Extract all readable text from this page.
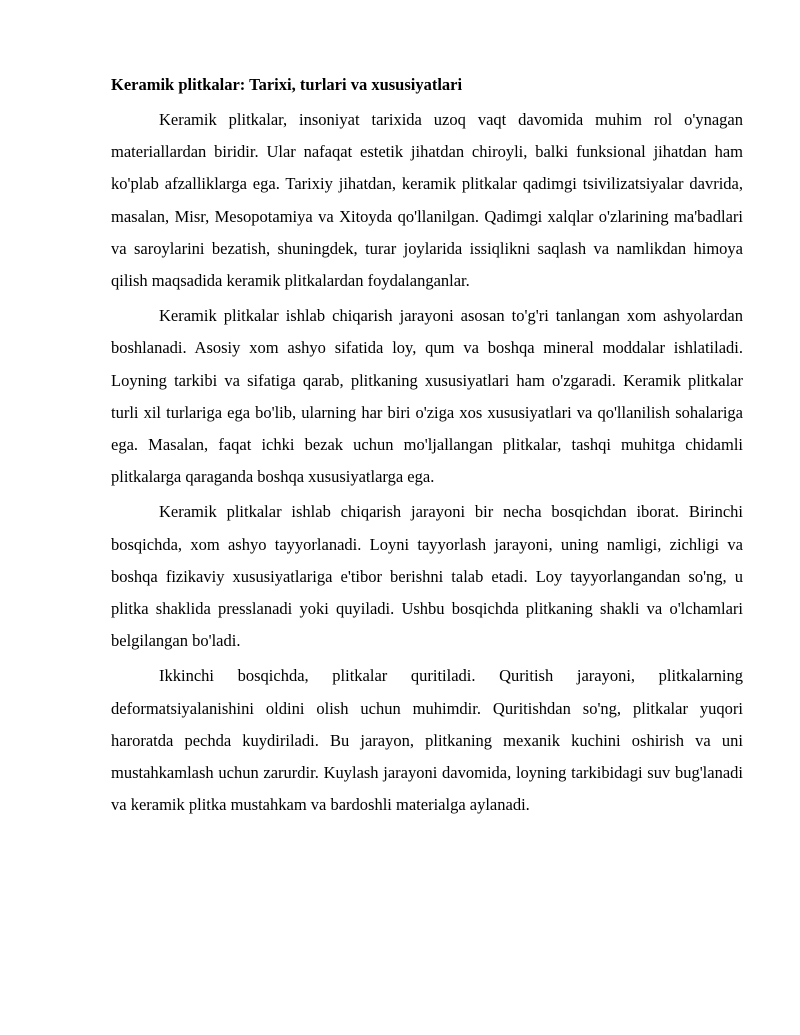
Keramik plitkalar: Tarixi, turlari va xususiyatlari

Keramik plitkalar, insoniyat tarixida uzoq vaqt davomida muhim rol o'ynagan materiallardan biridir. Ular nafaqat estetik jihatdan chiroyli, balki funksional jihatdan ham ko'plab afzalliklarga ega. Tarixiy jihatdan, keramik plitkalar qadimgi tsivilizatsiyalar davrida, masalan, Misr, Mesopotamiya va Xitoyda qo'llanilgan. Qadimgi xalqlar o'zlarining ma'badlari va saroylarini bezatish, shuningdek, turar joylarida issiqlikni saqlash va namlikdan himoya qilish maqsadida keramik plitkalardan foydalanganlar.

Keramik plitkalar ishlab chiqarish jarayoni asosan to'g'ri tanlangan xom ashyolardan boshlanadi. Asosiy xom ashyo sifatida loy, qum va boshqa mineral moddalar ishlatiladi. Loyning tarkibi va sifatiga qarab, plitkaning xususiyatlari ham o'zgaradi. Keramik plitkalar turli xil turlariga ega bo'lib, ularning har biri o'ziga xos xususiyatlari va qo'llanilish sohalariga ega. Masalan, faqat ichki bezak uchun mo'ljallangan plitkalar, tashqi muhitga chidamli plitkalarga qaraganda boshqa xususiyatlarga ega.

Keramik plitkalar ishlab chiqarish jarayoni bir necha bosqichdan iborat. Birinchi bosqichda, xom ashyo tayyorlanadi. Loyni tayyorlash jarayoni, uning namligi, zichligi va boshqa fizikaviy xususiyatlariga e'tibor berishni talab etadi. Loy tayyorlangandan so'ng, u plitka shaklida presslanadi yoki quyiladi. Ushbu bosqichda plitkaning shakli va o'lchamlari belgilangan bo'ladi.

Ikkinchi bosqichda, plitkalar quritiladi. Quritish jarayoni, plitkalarning deformatsiyalanishini oldini olish uchun muhimdir. Quritishdan so'ng, plitkalar yuqori haroratda pechda kuydiriladi. Bu jarayon, plitkaning mexanik kuchini oshirish va uni mustahkamlash uchun zarurdir. Kuylash jarayoni davomida, loyning tarkibidagi suv bug'lanadi va keramik plitka mustahkam va bardoshli materialga aylanadi.
